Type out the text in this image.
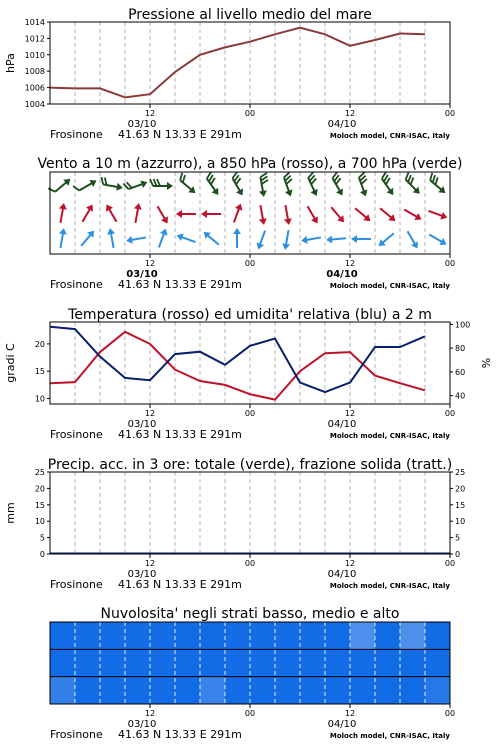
Pressione al livello medio del mare
1004
1006
1008
1010
1012
1014
hPa
12	00	12	00
03/10	04/10
Frosinone 41.63 N 13.33 E 291m	Moloch model, CNR-ISAC, Italy
Vento a 10 m (azzurro), a 850 hPa (rosso), a 700 hPa (verde)
12	00	12	00
03/10	04/10
Frosinone 41.63 N 13.33 E 291m	Moloch model, CNR-ISAC, Italy
Temperatura (rosso) ed umidita' relativa (blu) a 2 m
10
15
20
gradi C
40
60
80
100
%
12	00	12	00
03/10	04/10
Frosinone 41.63 N 13.33 E 291m	Moloch model, CNR-ISAC, Italy
Precip. acc. in 3 ore: totale (verde), frazione solida (tratt.)
0
5
10
15
20
25
mm
0
5
10
15
20
25
12	00	12	00
03/10	04/10
Frosinone 41.63 N 13.33 E 291m	Moloch model, CNR-ISAC, Italy
Nuvolosita' negli strati basso, medio e alto
12	00	12	00
03/10	04/10
Frosinone 41.63 N 13.33 E 291m	Moloch model, CNR-ISAC, Italy
